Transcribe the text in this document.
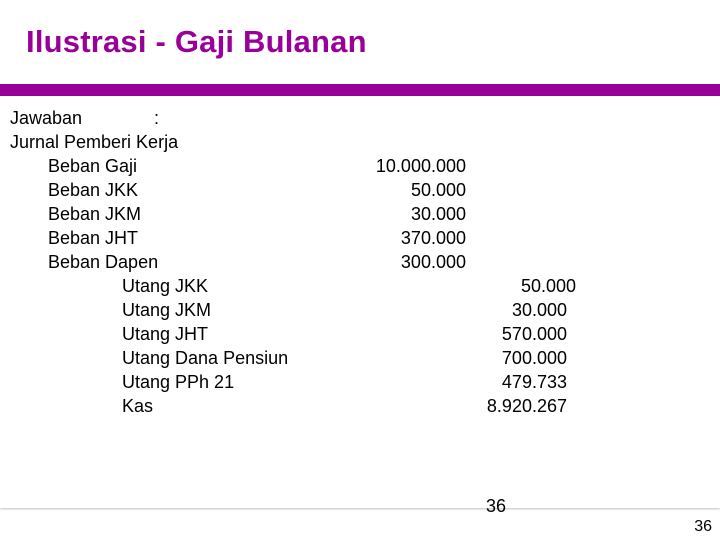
Ilustrasi - Gaji Bulanan
Jawaban	:
Jurnal Pemberi Kerja
Beban Gaji	10.000.000
Beban JKK	50.000
Beban JKM	30.000
Beban JHT	370.000
Beban Dapen	300.000
Utang JKK	50.000
Utang JKM	30.000
Utang JHT	570.000
Utang Dana Pensiun	700.000
Utang PPh 21	479.733
Kas	8.920.267
36
36
